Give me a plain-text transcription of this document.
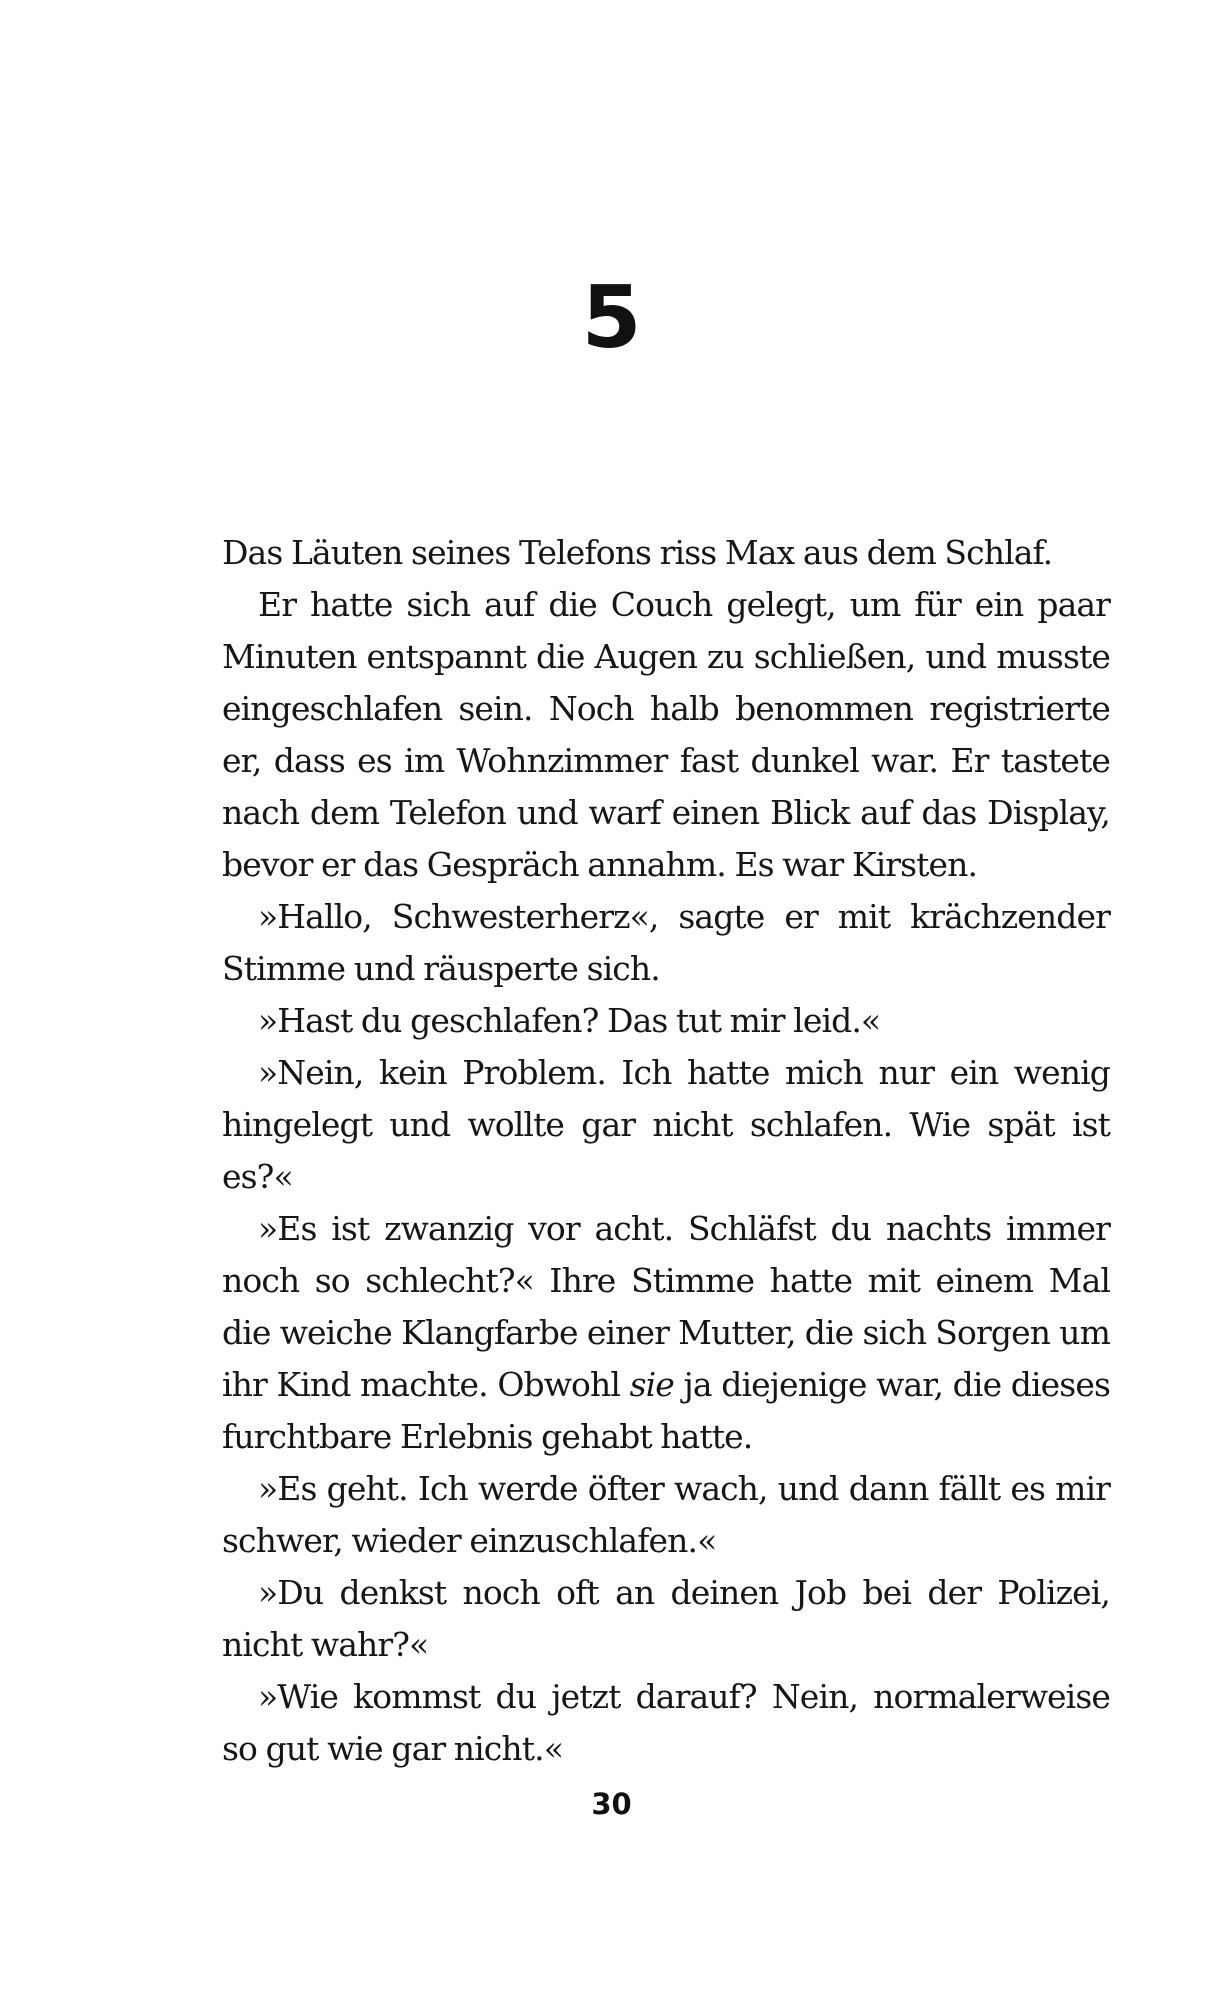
5

Das Läuten seines Telefons riss Max aus dem Schlaf.

Er hatte sich auf die Couch gelegt, um für ein paar Minuten entspannt die Augen zu schließen, und musste eingeschlafen sein. Noch halb benommen registrierte er, dass es im Wohnzimmer fast dunkel war. Er tastete nach dem Telefon und warf einen Blick auf das Display, bevor er das Gespräch annahm. Es war Kirsten.

»Hallo, Schwesterherz«, sagte er mit krächzender Stimme und räusperte sich.

»Hast du geschlafen? Das tut mir leid.«

»Nein, kein Problem. Ich hatte mich nur ein wenig hingelegt und wollte gar nicht schlafen. Wie spät ist es?«

»Es ist zwanzig vor acht. Schläfst du nachts immer noch so schlecht?« Ihre Stimme hatte mit einem Mal die weiche Klangfarbe einer Mutter, die sich Sorgen um ihr Kind machte. Obwohl sie ja diejenige war, die dieses furchtbare Erlebnis gehabt hatte.

»Es geht. Ich werde öfter wach, und dann fällt es mir schwer, wieder einzuschlafen.«

»Du denkst noch oft an deinen Job bei der Polizei, nicht wahr?«

»Wie kommst du jetzt darauf? Nein, normalerweise so gut wie gar nicht.«

30
